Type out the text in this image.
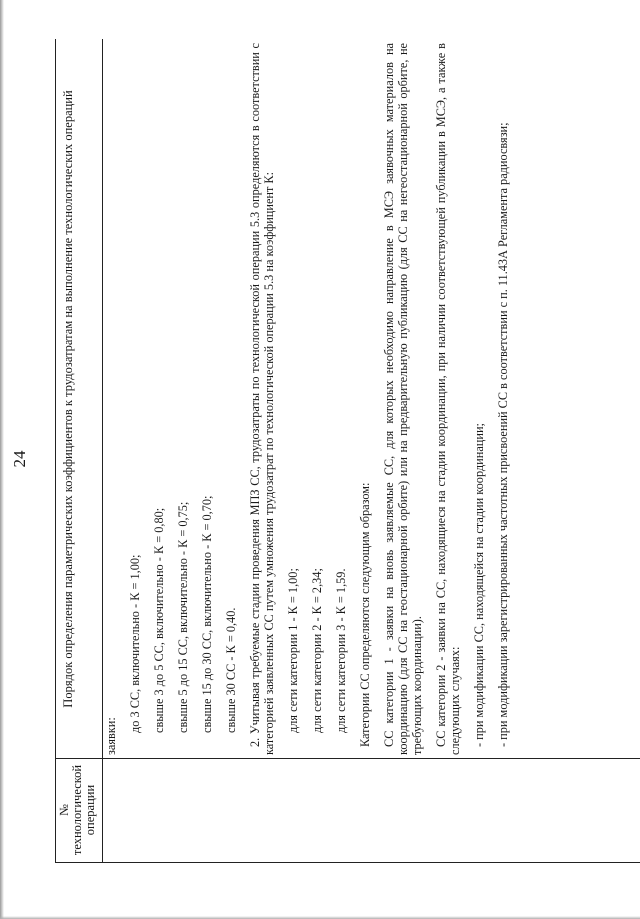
24
№ технологической операции
Порядок определения параметрических коэффициентов к трудозатратам на выполнение технологических операций
заявки:
до 3 СС, включительно - К = 1,00; свыше 3 до 5 СС, включительно - К = 0,80; свыше 5 до 15 СС, включительно - К = 0,75; свыше 15 до 30 СС, включительно - К = 0,70; свыше 30 СС - К = 0,40. 2. Учитывая требуемые стадии проведения МПЗ СС, трудозатраты по технологической операции 5.3 определяются в соответствии с категорией заявленных СС путем умножения трудозатрат по технологической операции 5.3 на коэффициент К: для сети категории 1 - К = 1,00; для сети категории 2 - К = 2,34; для сети категории 3 - К = 1,59. Категории СС определяются следующим образом: СС категории 1 - заявки на вновь заявляемые СС, для которых необходимо направление в МСЭ заявочных материалов на координацию (для СС на геостационарной орбите) или на предварительную публикацию (для СС на негеостационарной орбите, не требующих координации). СС категории 2 - заявки на СС, находящиеся на стадии координации, при наличии соответствующей публикации в МСЭ, а также в следующих случаях: - при модификации СС, находящейся на стадии координации; - при модификации зарегистрированных частотных присвоений СС в соответствии с п. 11.43А Регламента радиосвязи;
